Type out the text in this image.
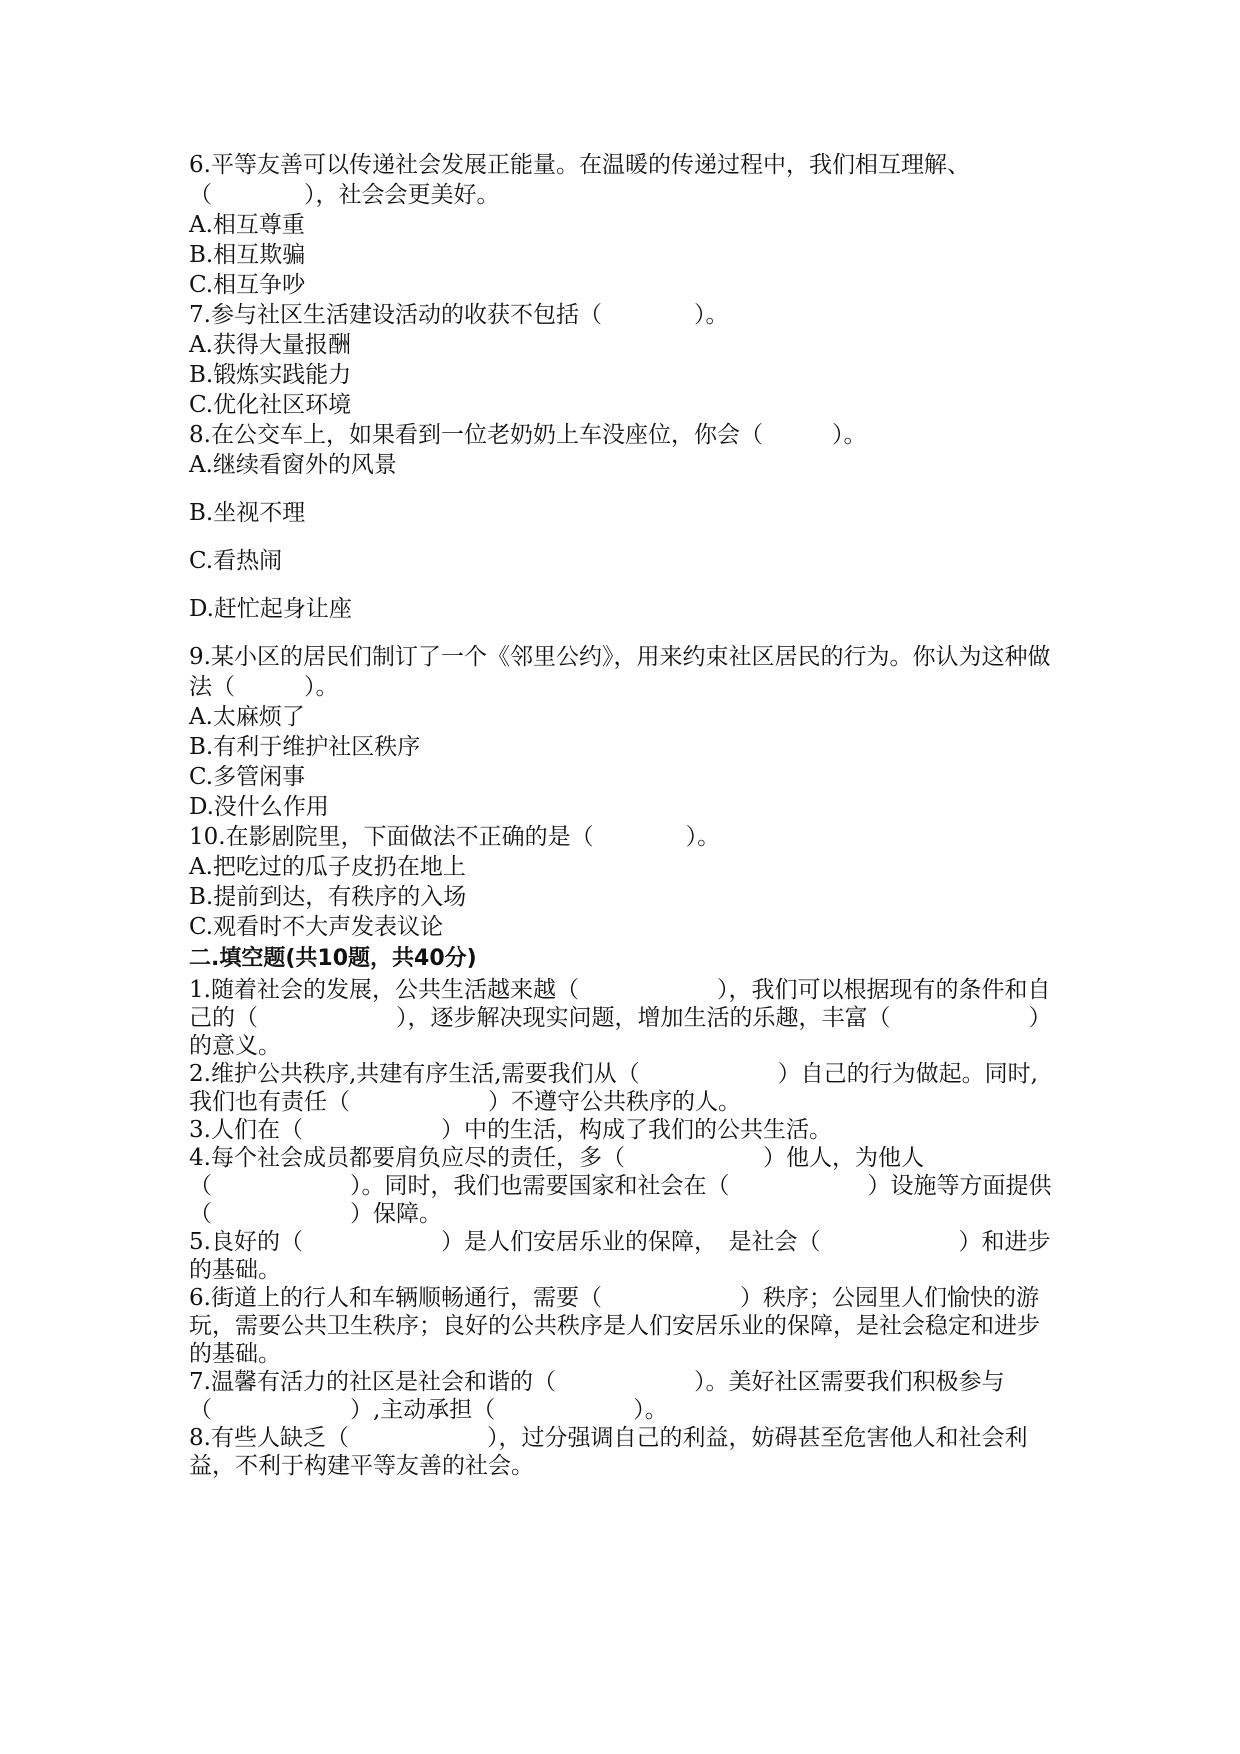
6.平等友善可以传递社会发展正能量。在温暖的传递过程中，我们相互理解、（　　　　），社会会更美好。

A.相互尊重

B.相互欺骗

C.相互争吵

7.参与社区生活建设活动的收获不包括（　　　　）。

A.获得大量报酬

B.锻炼实践能力

C.优化社区环境

8.在公交车上，如果看到一位老奶奶上车没座位，你会（　　　）。

A.继续看窗外的风景

B.坐视不理

C.看热闹

D.赶忙起身让座

9.某小区的居民们制订了一个《邻里公约》，用来约束社区居民的行为。你认为这种做法（　　　）。

A.太麻烦了

B.有利于维护社区秩序

C.多管闲事

D.没什么作用

10.在影剧院里，下面做法不正确的是（　　　　）。

A.把吃过的瓜子皮扔在地上

B.提前到达，有秩序的入场

C.观看时不大声发表议论

二.填空题(共10题，共40分)

1.随着社会的发展，公共生活越来越（　　　　　　），我们可以根据现有的条件和自己的（　　　　　　），逐步解决现实问题，增加生活的乐趣，丰富（　　　　　　）的意义。

2.维护公共秩序,共建有序生活,需要我们从（　　　　　　）自己的行为做起。同时,我们也有责任（　　　　　　）不遵守公共秩序的人。

3.人们在（　　　　　　）中的生活，构成了我们的公共生活。

4.每个社会成员都要肩负应尽的责任，多（　　　　　　）他人，为他人（　　　　　　）。同时，我们也需要国家和社会在（　　　　　　）设施等方面提供（　　　　　　）保障。

5.良好的（　　　　　　）是人们安居乐业的保障，　是社会（　　　　　　）和进步的基础。

6.街道上的行人和车辆顺畅通行，需要（　　　　　　）秩序；公园里人们愉快的游玩，需要公共卫生秩序；良好的公共秩序是人们安居乐业的保障，是社会稳定和进步的基础。

7.温馨有活力的社区是社会和谐的（　　　　　　）。美好社区需要我们积极参与（　　　　　　）,主动承担（　　　　　　）。

8.有些人缺乏（　　　　　　），过分强调自己的利益，妨碍甚至危害他人和社会利益，不利于构建平等友善的社会。
